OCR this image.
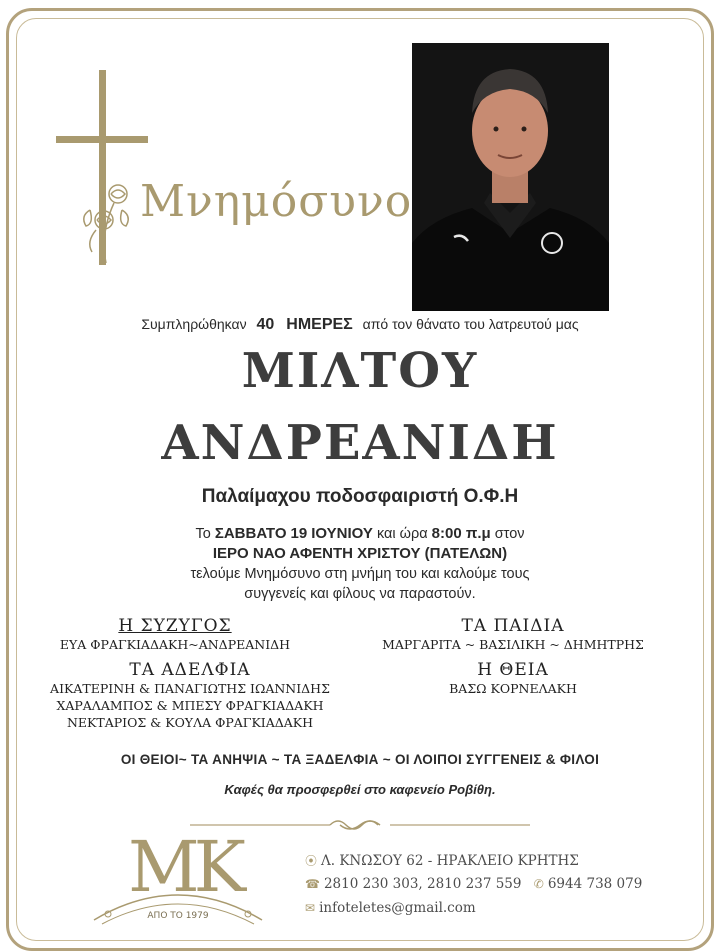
Μνημόσυνο
Συμπληρώθηκαν 40 ΗΜΕΡΕΣ από τον θάνατο του λατρευτού μας
ΜΙΛΤΟΥ
ΑΝΔΡΕΑΝΙΔΗ
Παλαίμαχου ποδοσφαιριστή Ο.Φ.Η
Το ΣΑΒΒΑΤΟ 19 ΙΟΥΝΙΟΥ και ώρα 8:00 π.μ στον
ΙΕΡΟ ΝΑΟ ΑΦΕΝΤΗ ΧΡΙΣΤΟΥ (ΠΑΤΕΛΩΝ)
τελούμε Μνημόσυνο στη μνήμη του και καλούμε τους
συγγενείς και φίλους να παραστούν.
Η ΣΥΖΥΓΟΣ
ΕΥΑ ΦΡΑΓΚΙΑΔΑΚΗ~ΑΝΔΡΕΑΝΙΔΗ
ΤΑ ΠΑΙΔΙΑ
ΜΑΡΓΑΡΙΤΑ ~ ΒΑΣΙΛΙΚΗ ~ ΔΗΜΗΤΡΗΣ
ΤΑ ΑΔΕΛΦΙΑ
ΑΙΚΑΤΕΡΙΝΗ & ΠΑΝΑΓΙΩΤΗΣ ΙΩΑΝΝΙΔΗΣ
ΧΑΡΑΛΑΜΠΟΣ & ΜΠΕΣΥ ΦΡΑΓΚΙΑΔΑΚΗ
ΝΕΚΤΑΡΙΟΣ & ΚΟΥΛΑ ΦΡΑΓΚΙΑΔΑΚΗ
Η ΘΕΙΑ
ΒΑΣΩ ΚΟΡΝΕΛΑΚΗ
ΟΙ ΘΕΙΟΙ~ ΤΑ ΑΝΗΨΙΑ ~ ΤΑ ΞΑΔΕΛΦΙΑ ~ ΟΙ ΛΟΙΠΟΙ ΣΥΓΓΕΝΕΙΣ & ΦΙΛΟΙ
Καφές θα προσφερθεί στο καφενείο Ροβίθη.
MK
ΑΠΟ ΤΟ 1979
⦿ Λ. ΚΝΩΣΟΥ 62 - ΗΡΑΚΛΕΙΟ ΚΡΗΤΗΣ
☎ 2810 230 303, 2810 237 559 ✆ 6944 738 079
✉ infoteletes@gmail.com
